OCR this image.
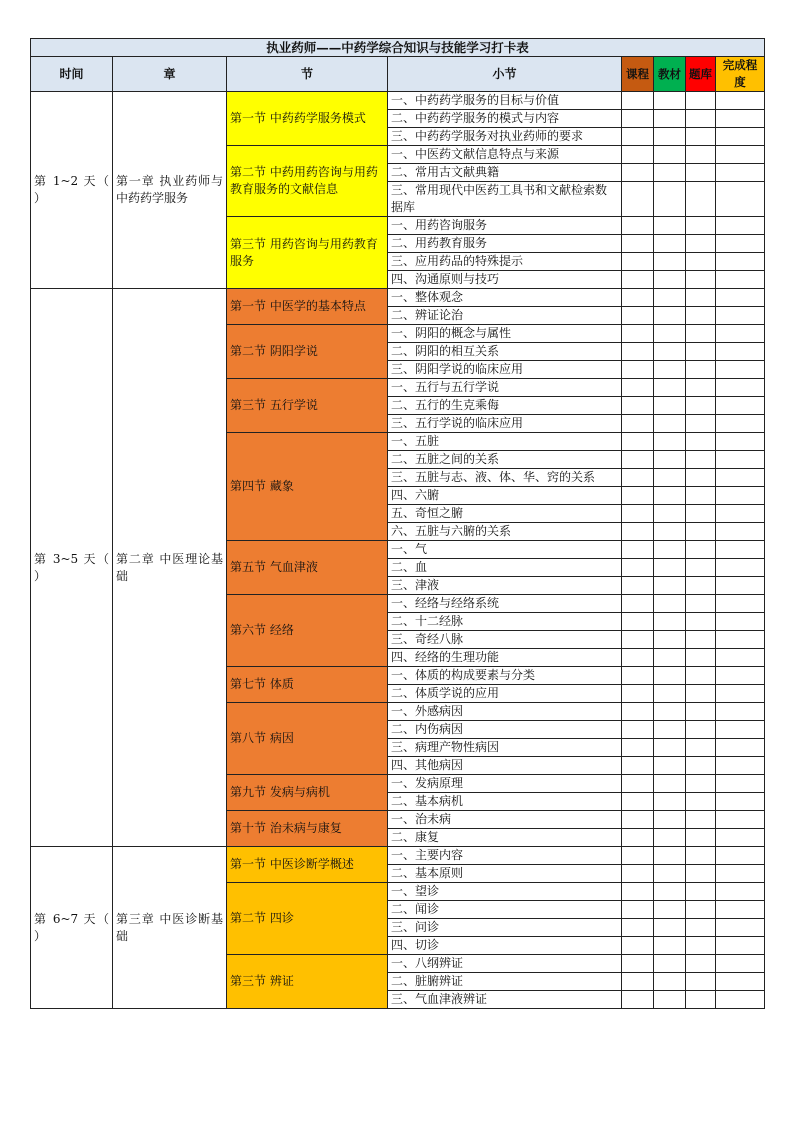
执业药师——中药学综合知识与技能学习打卡表							
时间	章	节	小节	课程	教材	题库	完成程度
第 1~2 天（ ）	第一章 执业药师与中药药学服务	第一节 中药药学服务模式	一、中药药学服务的目标与价值				
			二、中药药学服务的模式与内容				
			三、中药药学服务对执业药师的要求				
		第二节 中药用药咨询与用药教育服务的文献信息	一、中医药文献信息特点与来源				
			二、常用古文献典籍				
			三、常用现代中医药工具书和文献检索数据库				
		第三节 用药咨询与用药教育服务	一、用药咨询服务				
			二、用药教育服务				
			三、应用药品的特殊提示				
			四、沟通原则与技巧				
第 3~5 天（ ）	第二章 中医理论基础	第一节 中医学的基本特点	一、整体观念				
			二、辨证论治				
		第二节 阴阳学说	一、阴阳的概念与属性				
			二、阴阳的相互关系				
			三、阴阳学说的临床应用				
		第三节 五行学说	一、五行与五行学说				
			二、五行的生克乘侮				
			三、五行学说的临床应用				
		第四节 藏象	一、五脏				
			二、五脏之间的关系				
			三、五脏与志、液、体、华、窍的关系				
			四、六腑				
			五、奇恒之腑				
			六、五脏与六腑的关系				
		第五节 气血津液	一、气				
			二、血				
			三、津液				
		第六节 经络	一、经络与经络系统				
			二、十二经脉				
			三、奇经八脉				
			四、经络的生理功能				
		第七节 体质	一、体质的构成要素与分类				
			二、体质学说的应用				
		第八节 病因	一、外感病因				
			二、内伤病因				
			三、病理产物性病因				
			四、其他病因				
		第九节 发病与病机	一、发病原理				
			二、基本病机				
		第十节 治未病与康复	一、治未病				
			二、康复				
第 6~7 天（ ）	第三章 中医诊断基础	第一节 中医诊断学概述	一、主要内容				
			二、基本原则				
		第二节 四诊	一、望诊				
			二、闻诊				
			三、问诊				
			四、切诊				
		第三节 辨证	一、八纲辨证				
			二、脏腑辨证				
			三、气血津液辨证				
